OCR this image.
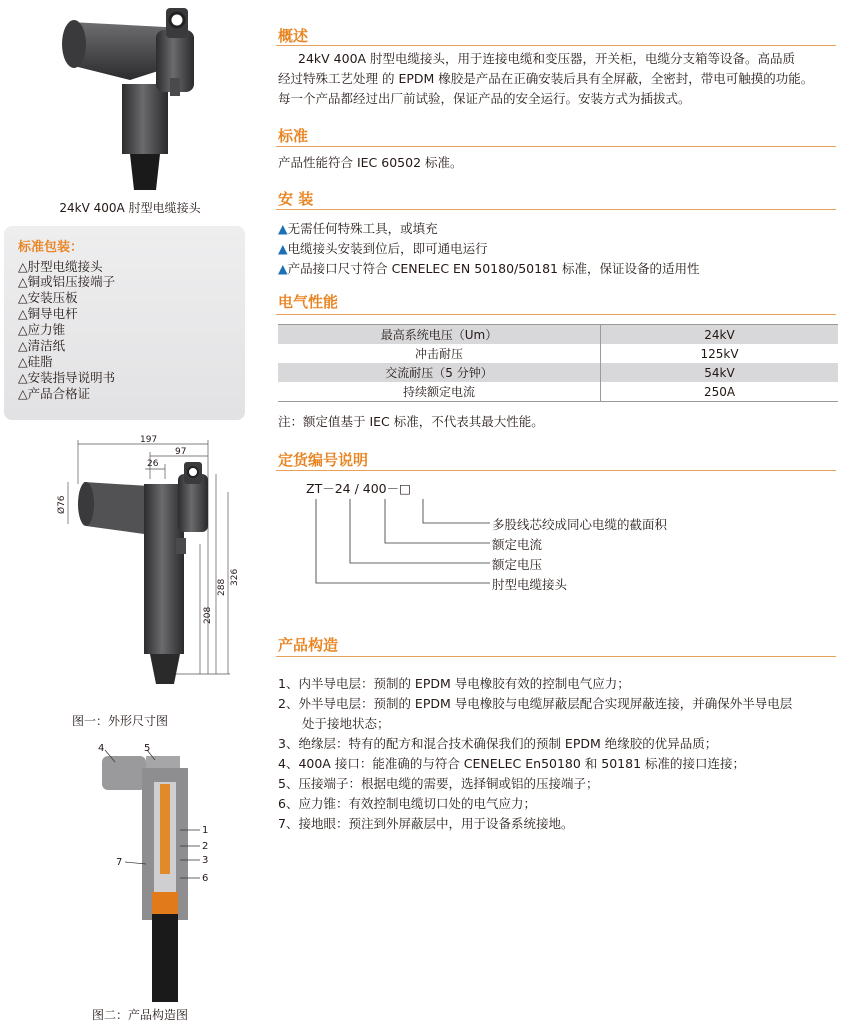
24kV 400A 肘型电缆接头
标准包装：
△肘型电缆接头
△铜或铝压接端子
△安装压板
△铜导电杆
△应力锥
△清洁纸
△硅脂
△安装指导说明书
△产品合格证
197
97
26
Ø76
208
288
326
图一：外形尺寸图
4	5
1
2
3
7
6
图二：产品构造图
概述
24kV 400A 肘型电缆接头，用于连接电缆和变压器，开关柜，电缆分支箱等设备。高品质
经过特殊工艺处理 的 EPDM 橡胶是产品在正确安装后具有全屏蔽，全密封，带电可触摸的功能。
每一个产品都经过出厂前试验，保证产品的安全运行。安装方式为插拔式。
标准
产品性能符合 IEC 60502 标准。
安 装
▲无需任何特殊工具，或填充
▲电缆接头安装到位后，即可通电运行
▲产品接口尺寸符合 CENELEC EN 50180/50181 标准，保证设备的适用性
电气性能
最高系统电压（Um）	24kV
冲击耐压	125kV
交流耐压（5 分钟）	54kV
持续额定电流	250A
注：额定值基于 IEC 标准，不代表其最大性能。
定货编号说明
ZT－24 / 400－□
多股线芯绞成同心电缆的截面积
额定电流
额定电压
肘型电缆接头
产品构造
1、内半导电层：预制的 EPDM 导电橡胶有效的控制电气应力；
2、外半导电层：预制的 EPDM 导电橡胶与电缆屏蔽层配合实现屏蔽连接，并确保外半导电层
处于接地状态；
3、绝缘层：特有的配方和混合技术确保我们的预制 EPDM 绝缘胶的优异品质；
4、400A 接口：能准确的与符合 CENELEC En50180 和 50181 标准的接口连接；
5、压接端子：根据电缆的需要，选择铜或铝的压接端子；
6、应力锥：有效控制电缆切口处的电气应力；
7、接地眼：预注到外屏蔽层中，用于设备系统接地。
